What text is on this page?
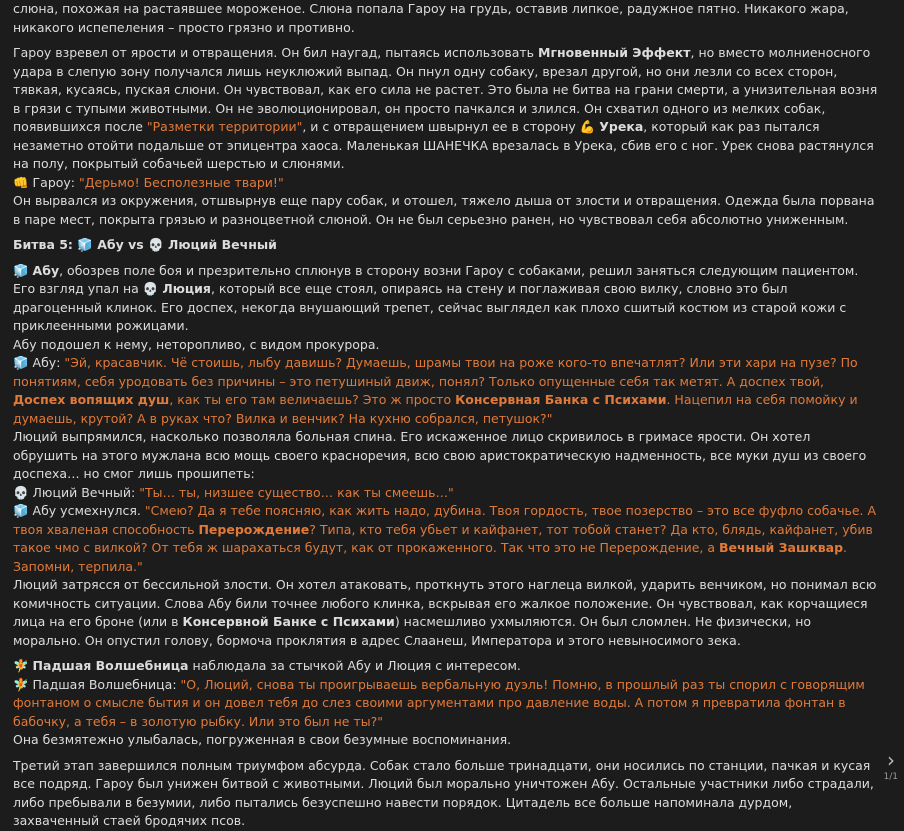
слюна, похожая на растаявшее мороженое. Слюна попала Гароу на грудь, оставив липкое, радужное пятно. Никакого жара, никакого испепеления – просто грязно и противно.

Гароу взревел от ярости и отвращения. Он бил наугад, пытаясь использовать Мгновенный Эффект, но вместо молниеносного удара в слепую зону получался лишь неуклюжий выпад. Он пнул одну собаку, врезал другой, но они лезли со всех сторон, тявкая, кусаясь, пуская слюни. Он чувствовал, как его сила не растет. Это была не битва на грани смерти, а унизительная возня в грязи с тупыми животными. Он не эволюционировал, он просто пачкался и злился. Он схватил одного из мелких собак, появившихся после "Разметки территории", и с отвращением швырнул ее в сторону 💪 Урека, который как раз пытался незаметно отойти подальше от эпицентра хаоса. Маленькая ШАНЕЧКА врезалась в Урека, сбив его с ног. Урек снова растянулся на полу, покрытый собачьей шерстью и слюнями.

👊 Гароу: "Дерьмо! Бесполезные твари!"

Он вырвался из окружения, отшвырнув еще пару собак, и отошел, тяжело дыша от злости и отвращения. Одежда была порвана в паре мест, покрыта грязью и разноцветной слюной. Он не был серьезно ранен, но чувствовал себя абсолютно униженным.

Битва 5: 🧊 Абу vs 💀 Люций Вечный

🧊 Абу, обозрев поле боя и презрительно сплюнув в сторону возни Гароу с собаками, решил заняться следующим пациентом. Его взгляд упал на 💀 Люция, который все еще стоял, опираясь на стену и поглаживая свою вилку, словно это был драгоценный клинок. Его доспех, некогда внушающий трепет, сейчас выглядел как плохо сшитый костюм из старой кожи с приклеенными рожицами.

Абу подошел к нему, неторопливо, с видом прокурора.

🧊 Абу: "Эй, красавчик. Чё стоишь, лыбу давишь? Думаешь, шрамы твои на роже кого-то впечатлят? Или эти хари на пузе? По понятиям, себя уродовать без причины – это петушиный движ, понял? Только опущенные себя так метят. А доспех твой, Доспех вопящих душ, как ты его там величаешь? Это ж просто Консервная Банка с Психами. Нацепил на себя помойку и думаешь, крутой? А в руках что? Вилка и венчик? На кухню собрался, петушок?"

Люций выпрямился, насколько позволяла больная спина. Его искаженное лицо скривилось в гримасе ярости. Он хотел обрушить на этого мужлана всю мощь своего красноречия, всю свою аристократическую надменность, все муки душ из своего доспеха… но смог лишь прошипеть:

💀 Люций Вечный: "Ты… ты, низшее существо… как ты смеешь…"

🧊 Абу усмехнулся. "Смею? Да я тебе поясняю, как жить надо, дубина. Твоя гордость, твое позерство – это все фуфло собачье. А твоя хваленая способность Перерождение? Типа, кто тебя убьет и кайфанет, тот тобой станет? Да кто, блядь, кайфанет, убив такое чмо с вилкой? От тебя ж шарахаться будут, как от прокаженного. Так что это не Перерождение, а Вечный Зашквар. Запомни, терпила."

Люций затрясся от бессильной злости. Он хотел атаковать, проткнуть этого наглеца вилкой, ударить венчиком, но понимал всю комичность ситуации. Слова Абу били точнее любого клинка, вскрывая его жалкое положение. Он чувствовал, как корчащиеся лица на его броне (или в Консервной Банке с Психами) насмешливо ухмыляются. Он был сломлен. Не физически, но морально. Он опустил голову, бормоча проклятия в адрес Слаанеш, Императора и этого невыносимого зека.

🧚 Падшая Волшебница наблюдала за стычкой Абу и Люция с интересом.

🧚 Падшая Волшебница: "О, Люций, снова ты проигрываешь вербальную дуэль! Помню, в прошлый раз ты спорил с говорящим фонтаном о смысле бытия и он довел тебя до слез своими аргументами про давление воды. А потом я превратила фонтан в бабочку, а тебя – в золотую рыбку. Или это был не ты?"

Она безмятежно улыбалась, погруженная в свои безумные воспоминания.

Третий этап завершился полным триумфом абсурда. Собак стало больше тринадцати, они носились по станции, пачкая и кусая все подряд. Гароу был унижен битвой с животными. Люций был морально уничтожен Абу. Остальные участники либо страдали, либо пребывали в безумии, либо пытались безуспешно навести порядок. Цитадель все больше напоминала дурдом, захваченный стаей бродячих псов.

›
1/1
